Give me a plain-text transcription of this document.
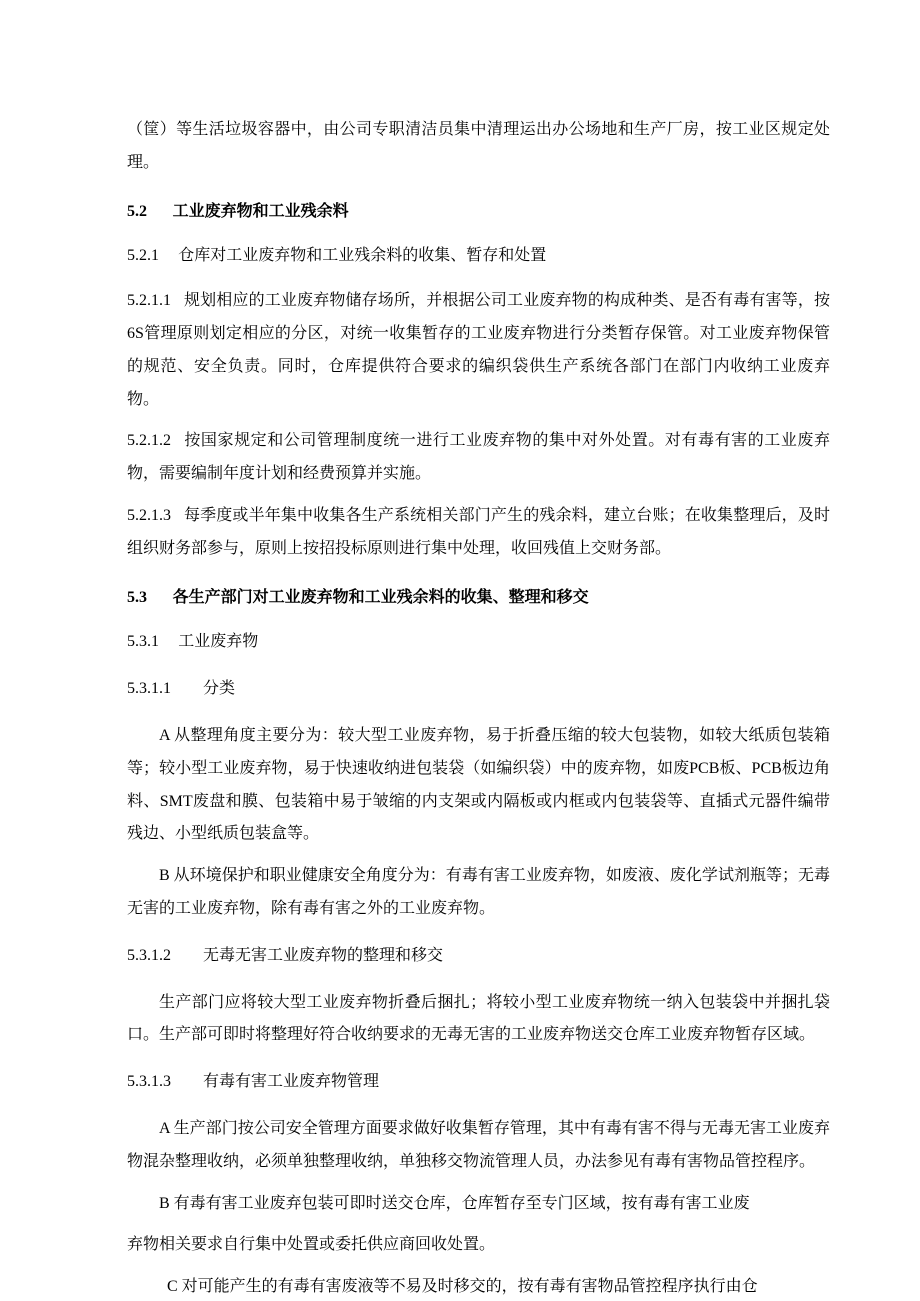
（筐）等生活垃圾容器中，由公司专职清洁员集中清理运出办公场地和生产厂房，按工业区规定处理。
5.2 工业废弃物和工业残余料
5.2.1 仓库对工业废弃物和工业残余料的收集、暂存和处置
5.2.1.1 规划相应的工业废弃物储存场所，并根据公司工业废弃物的构成种类、是否有毒有害等，按6S管理原则划定相应的分区，对统一收集暂存的工业废弃物进行分类暂存保管。对工业废弃物保管的规范、安全负责。同时，仓库提供符合要求的编织袋供生产系统各部门在部门内收纳工业废弃物。
5.2.1.2 按国家规定和公司管理制度统一进行工业废弃物的集中对外处置。对有毒有害的工业废弃物，需要编制年度计划和经费预算并实施。
5.2.1.3 每季度或半年集中收集各生产系统相关部门产生的残余料，建立台账；在收集整理后，及时组织财务部参与，原则上按招投标原则进行集中处理，收回残值上交财务部。
5.3 各生产部门对工业废弃物和工业残余料的收集、整理和移交
5.3.1 工业废弃物
5.3.1.1 分类
A 从整理角度主要分为：较大型工业废弃物，易于折叠压缩的较大包装物，如较大纸质包装箱等；较小型工业废弃物，易于快速收纳进包装袋（如编织袋）中的废弃物，如废PCB板、PCB板边角料、SMT废盘和膜、包装箱中易于皱缩的内支架或内隔板或内框或内包装袋等、直插式元器件编带残边、小型纸质包装盒等。
B 从环境保护和职业健康安全角度分为：有毒有害工业废弃物，如废液、废化学试剂瓶等；无毒无害的工业废弃物，除有毒有害之外的工业废弃物。
5.3.1.2 无毒无害工业废弃物的整理和移交
生产部门应将较大型工业废弃物折叠后捆扎；将较小型工业废弃物统一纳入包装袋中并捆扎袋口。生产部可即时将整理好符合收纳要求的无毒无害的工业废弃物送交仓库工业废弃物暂存区域。
5.3.1.3 有毒有害工业废弃物管理
A 生产部门按公司安全管理方面要求做好收集暂存管理，其中有毒有害不得与无毒无害工业废弃物混杂整理收纳，必须单独整理收纳，单独移交物流管理人员，办法参见有毒有害物品管控程序。
B 有毒有害工业废弃包装可即时送交仓库，仓库暂存至专门区域，按有毒有害工业废
弃物相关要求自行集中处置或委托供应商回收处置。
C 对可能产生的有毒有害废液等不易及时移交的，按有毒有害物品管控程序执行由仓
